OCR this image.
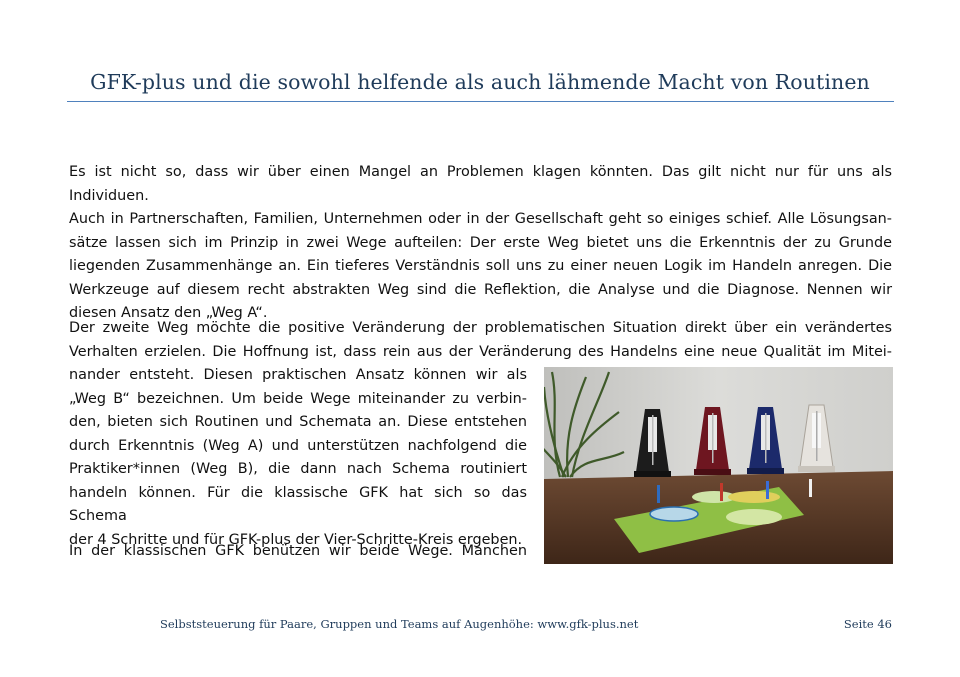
GFK-plus und die sowohl helfende als auch lähmende Macht von Routinen

Es ist nicht so, dass wir über einen Mangel an Problemen klagen könnten. Das gilt nicht nur für uns als Individuen.
Auch in Partnerschaften, Familien, Unternehmen oder in der Gesellschaft geht so einiges schief. Alle Lösungsan-
sätze lassen sich im Prinzip in zwei Wege aufteilen: Der erste Weg bietet uns die Erkenntnis der zu Grunde
liegenden Zusammenhänge an. Ein tieferes Verständnis soll uns zu einer neuen Logik im Handeln anregen. Die
Werkzeuge auf diesem recht abstrakten Weg sind die Reflektion, die Analyse und die Diagnose. Nennen wir
diesen Ansatz den „Weg A“.

Der zweite Weg möchte die positive Veränderung der problematischen Situation direkt über ein verändertes
Verhalten erzielen. Die Hoffnung ist, dass rein aus der Veränderung des Handelns eine neue Qualität im Mitei-

nander entsteht. Diesen praktischen Ansatz können wir als
„Weg B“ bezeichnen. Um beide Wege miteinander zu verbin-
den, bieten sich Routinen und Schemata an. Diese entstehen
durch Erkenntnis (Weg A) und unterstützen nachfolgend die
Praktiker*innen (Weg B), die dann nach Schema routiniert
handeln können. Für die klassische GFK hat sich so das Schema
der 4 Schritte und für GFK-plus der Vier-Schritte-Kreis ergeben.

In der klassischen GFK benützen wir beide Wege. Manchen

Selbststeuerung für Paare, Gruppen und Teams auf Augenhöhe: www.gfk-plus.net	Seite 46
